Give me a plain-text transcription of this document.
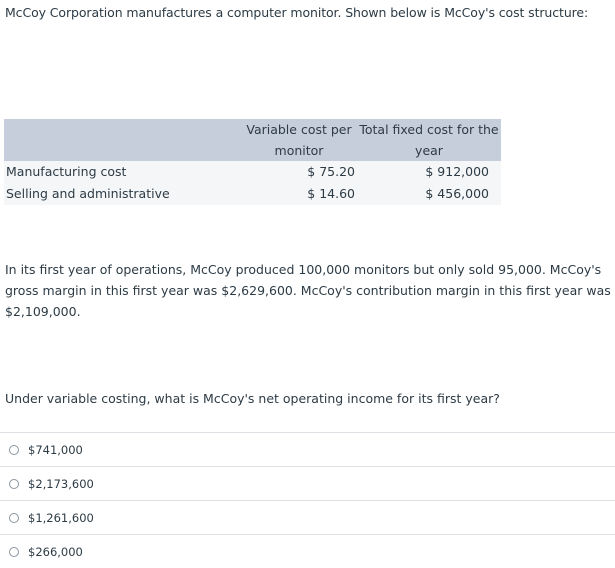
McCoy Corporation manufactures a computer monitor. Shown below is McCoy's cost structure:
	Variable cost per monitor	Total fixed cost for the year
Manufacturing cost	$ 75.20	$ 912,000
Selling and administrative	$ 14.60	$ 456,000
In its first year of operations, McCoy produced 100,000 monitors but only sold 95,000. McCoy's gross margin in this first year was $2,629,600. McCoy's contribution margin in this first year was $2,109,000.
Under variable costing, what is McCoy's net operating income for its first year?
$741,000
$2,173,600
$1,261,600
$266,000
